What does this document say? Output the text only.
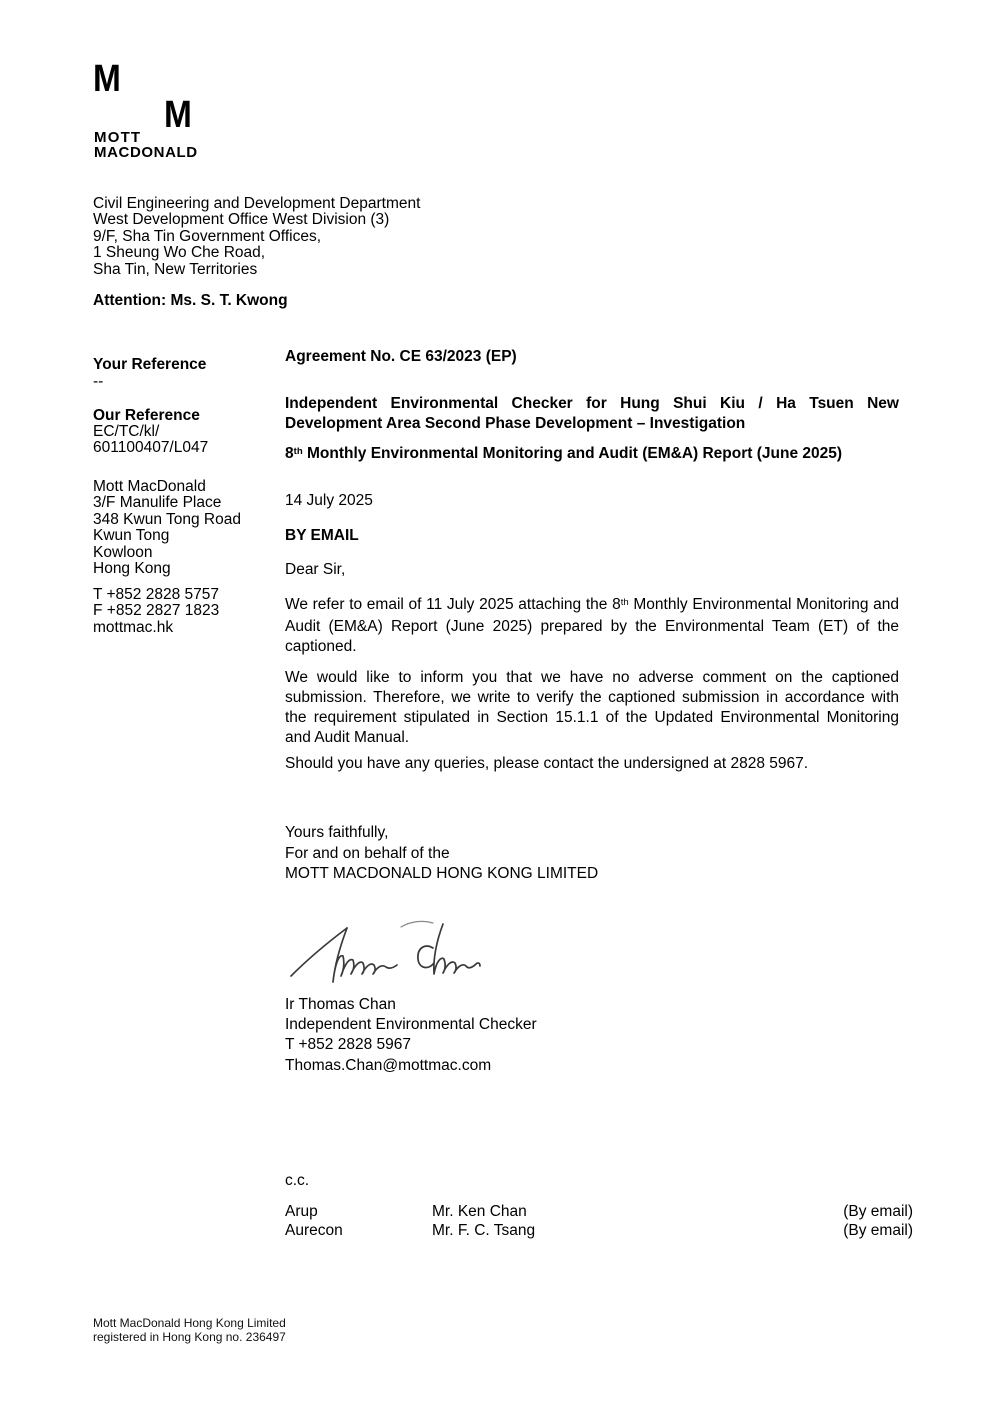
M
M
MOTT
MACDONALD
Civil Engineering and Development Department
West Development Office West Division (3)
9/F, Sha Tin Government Offices,
1 Sheung Wo Che Road,
Sha Tin, New Territories
Attention: Ms. S. T. Kwong
Your Reference
--
Our Reference
EC/TC/kl/
601100407/L047
Mott MacDonald
3/F Manulife Place
348 Kwun Tong Road
Kwun Tong
Kowloon
Hong Kong
T +852 2828 5757
F +852 2827 1823
mottmac.hk
Agreement No. CE 63/2023 (EP)
Independent Environmental Checker for Hung Shui Kiu / Ha Tsuen New Development Area Second Phase Development – Investigation
8th Monthly Environmental Monitoring and Audit (EM&A) Report (June 2025)
14 July 2025
BY EMAIL
Dear Sir,
We refer to email of 11 July 2025 attaching the 8th Monthly Environmental Monitoring and Audit (EM&A) Report (June 2025) prepared by the Environmental Team (ET) of the captioned.
We would like to inform you that we have no adverse comment on the captioned submission. Therefore, we write to verify the captioned submission in accordance with the requirement stipulated in Section 15.1.1 of the Updated Environmental Monitoring and Audit Manual.
Should you have any queries, please contact the undersigned at 2828 5967.
Yours faithfully,
For and on behalf of the
MOTT MACDONALD HONG KONG LIMITED
Ir Thomas Chan
Independent Environmental Checker
T +852 2828 5967
Thomas.Chan@mottmac.com
c.c.
Arup	Mr. Ken Chan	(By email)
Aurecon	Mr. F. C. Tsang	(By email)
Mott MacDonald Hong Kong Limited
registered in Hong Kong no. 236497
